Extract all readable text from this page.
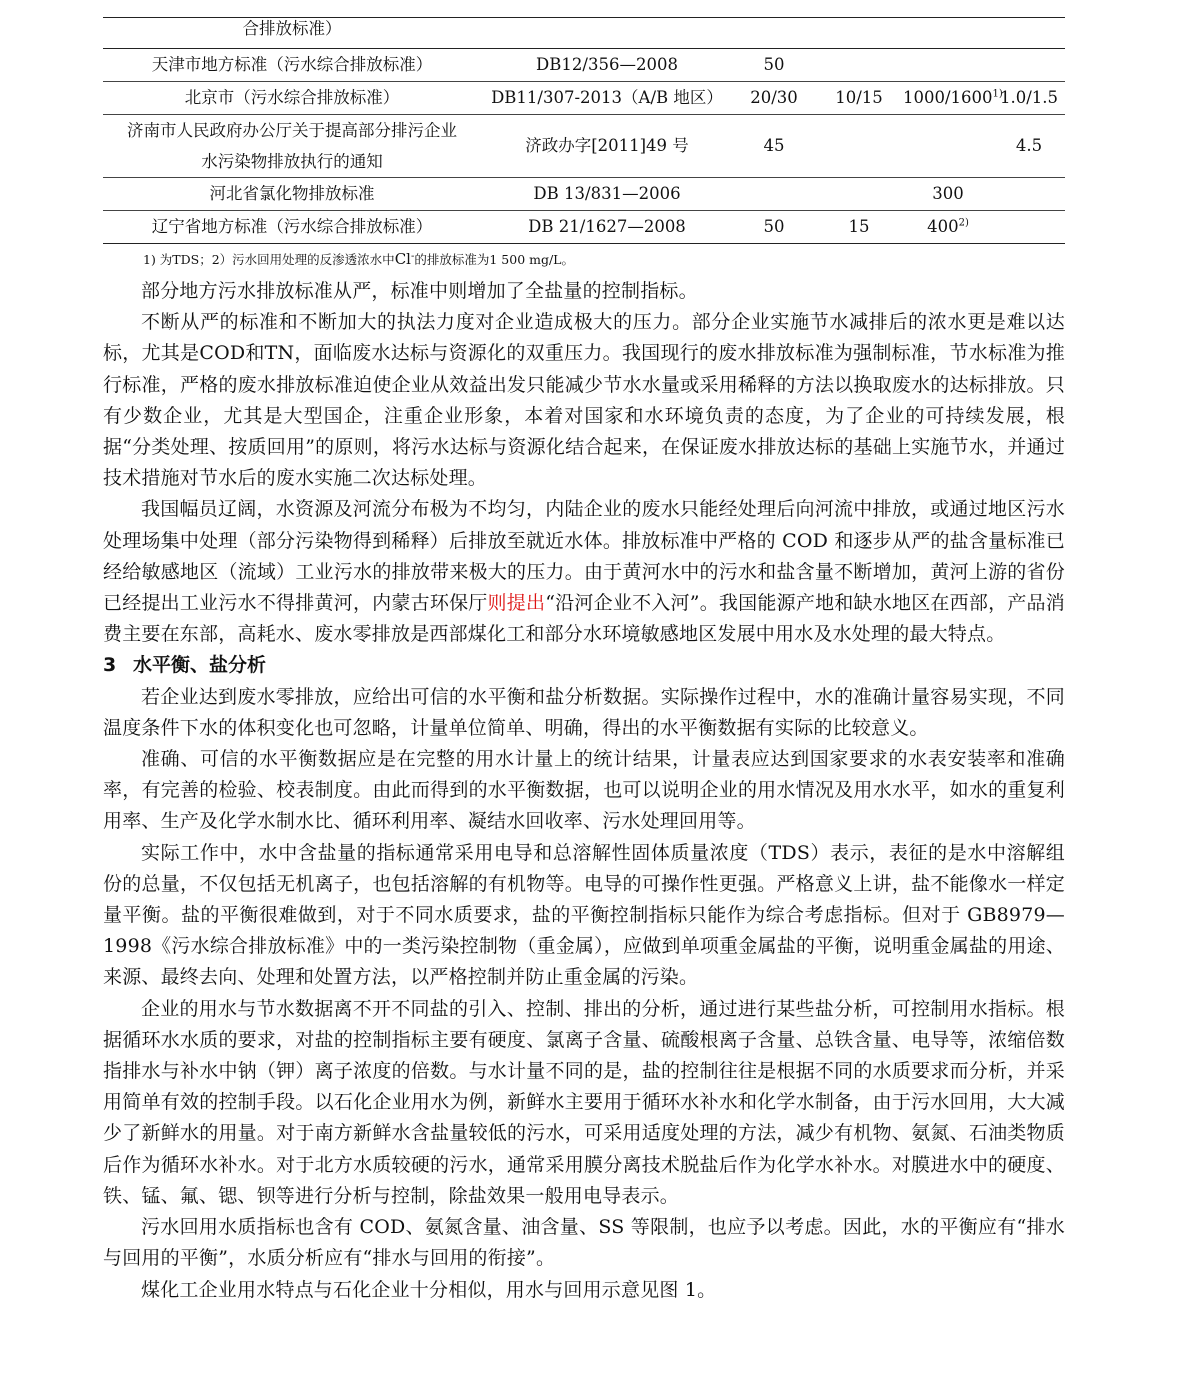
合排放标准）					
天津市地方标准（污水综合排放标准）	DB12/356—2008	50			
北京市（污水综合排放标准）	DB11/307-2013（A/B 地区）	20/30	10/15	1000/1600$^{1)}$	1.0/1.5
济南市人民政府办公厅关于提高部分排污企业
水污染物排放执行的通知	济政办字[2011]49 号	45			4.5
河北省氯化物排放标准	DB 13/831—2006			300	
辽宁省地方标准（污水综合排放标准）	DB 21/1627—2008	50	15	400$^{2)}$	
1) 为TDS；2）污水回用处理的反渗透浓水中Cl-的排放标准为1 500 mg/L。

部分地方污水排放标准从严，标准中则增加了全盐量的控制指标。

不断从严的标准和不断加大的执法力度对企业造成极大的压力。部分企业实施节水减排后的浓水更是难以达标，尤其是COD和TN，面临废水达标与资源化的双重压力。我国现行的废水排放标准为强制标准，节水标准为推行标准，严格的废水排放标准迫使企业从效益出发只能减少节水水量或采用稀释的方法以换取废水的达标排放。只有少数企业，尤其是大型国企，注重企业形象，本着对国家和水环境负责的态度，为了企业的可持续发展，根据“分类处理、按质回用”的原则，将污水达标与资源化结合起来，在保证废水排放达标的基础上实施节水，并通过技术措施对节水后的废水实施二次达标处理。

我国幅员辽阔，水资源及河流分布极为不均匀，内陆企业的废水只能经处理后向河流中排放，或通过地区污水处理场集中处理（部分污染物得到稀释）后排放至就近水体。排放标准中严格的 COD 和逐步从严的盐含量标准已经给敏感地区（流域）工业污水的排放带来极大的压力。由于黄河水中的污水和盐含量不断增加，黄河上游的省份已经提出工业污水不得排黄河，内蒙古环保厅则提出“沿河企业不入河”。我国能源产地和缺水地区在西部，产品消费主要在东部，高耗水、废水零排放是西部煤化工和部分水环境敏感地区发展中用水及水处理的最大特点。

3 水平衡、盐分析

若企业达到废水零排放，应给出可信的水平衡和盐分析数据。实际操作过程中，水的准确计量容易实现，不同温度条件下水的体积变化也可忽略，计量单位简单、明确，得出的水平衡数据有实际的比较意义。

准确、可信的水平衡数据应是在完整的用水计量上的统计结果，计量表应达到国家要求的水表安装率和准确率，有完善的检验、校表制度。由此而得到的水平衡数据，也可以说明企业的用水情况及用水水平，如水的重复利用率、生产及化学水制水比、循环利用率、凝结水回收率、污水处理回用等。

实际工作中，水中含盐量的指标通常采用电导和总溶解性固体质量浓度（TDS）表示，表征的是水中溶解组份的总量，不仅包括无机离子，也包括溶解的有机物等。电导的可操作性更强。严格意义上讲，盐不能像水一样定量平衡。盐的平衡很难做到，对于不同水质要求，盐的平衡控制指标只能作为综合考虑指标。但对于 GB8979—1998《污水综合排放标准》中的一类污染控制物（重金属），应做到单项重金属盐的平衡，说明重金属盐的用途、来源、最终去向、处理和处置方法，以严格控制并防止重金属的污染。

企业的用水与节水数据离不开不同盐的引入、控制、排出的分析，通过进行某些盐分析，可控制用水指标。根据循环水水质的要求，对盐的控制指标主要有硬度、氯离子含量、硫酸根离子含量、总铁含量、电导等，浓缩倍数指排水与补水中钠（钾）离子浓度的倍数。与水计量不同的是，盐的控制往往是根据不同的水质要求而分析，并采用简单有效的控制手段。以石化企业用水为例，新鲜水主要用于循环水补水和化学水制备，由于污水回用，大大减少了新鲜水的用量。对于南方新鲜水含盐量较低的污水，可采用适度处理的方法，减少有机物、氨氮、石油类物质后作为循环水补水。对于北方水质较硬的污水，通常采用膜分离技术脱盐后作为化学水补水。对膜进水中的硬度、铁、锰、氟、锶、钡等进行分析与控制，除盐效果一般用电导表示。

污水回用水质指标也含有 COD、氨氮含量、油含量、SS 等限制，也应予以考虑。因此，水的平衡应有“排水与回用的平衡”，水质分析应有“排水与回用的衔接”。

煤化工企业用水特点与石化企业十分相似，用水与回用示意见图 1。
